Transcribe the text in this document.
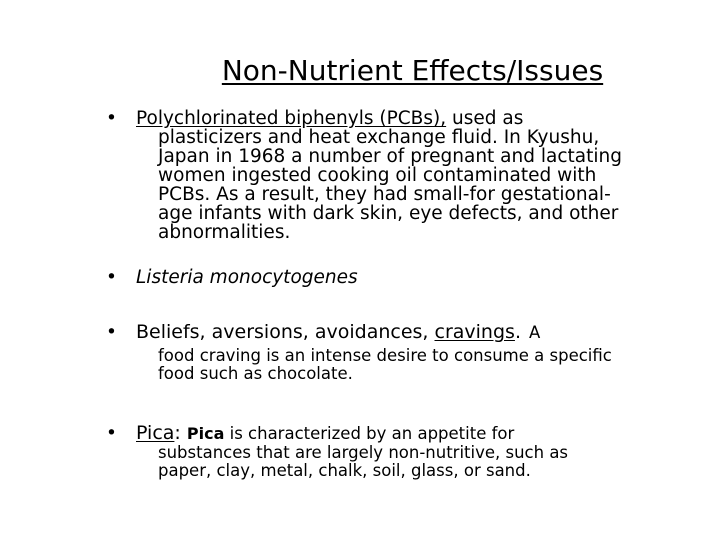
Non-Nutrient Effects/Issues
•	Polychlorinated biphenyls (PCBs), used as
plasticizers and heat exchange fluid. In Kyushu,
Japan in 1968 a number of pregnant and lactating
women ingested cooking oil contaminated with
PCBs. As a result, they had small-for gestational-
age infants with dark skin, eye defects, and other
abnormalities.
•	Listeria monocytogenes
•	Beliefs, aversions, avoidances, cravings. A
food craving is an intense desire to consume a specific
food such as chocolate.
•	Pica: Pica is characterized by an appetite for
substances that are largely non-nutritive, such as
paper, clay, metal, chalk, soil, glass, or sand.
